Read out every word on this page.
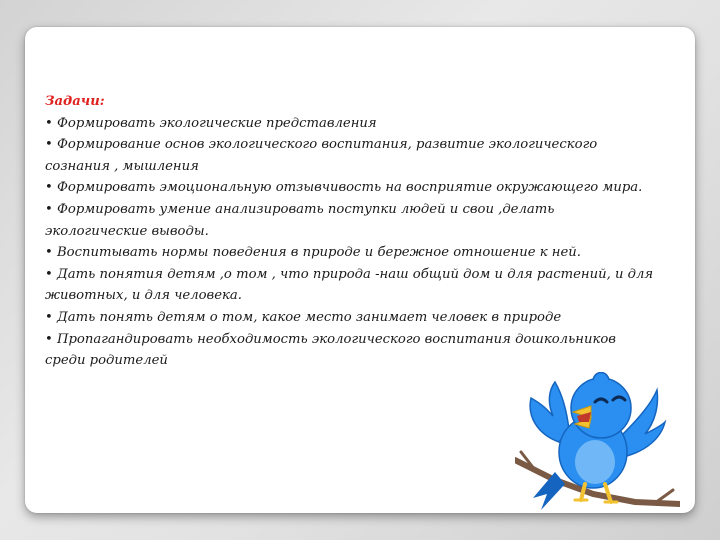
Задачи:
• Формировать экологические представления
• Формирование основ экологического воспитания, развитие экологического сознания , мышления
• Формировать эмоциональную отзывчивость на восприятие окружающего мира.
• Формировать умение анализировать поступки людей и свои ,делать экологические выводы.
• Воспитывать нормы поведения в природе и бережное отношение к ней.
• Дать понятия детям ,о том , что природа -наш общий дом и для растений, и для животных, и для человека.
• Дать понять детям о том, какое место занимает человек в природе
• Пропагандировать необходимость экологического воспитания дошкольников среди родителей
